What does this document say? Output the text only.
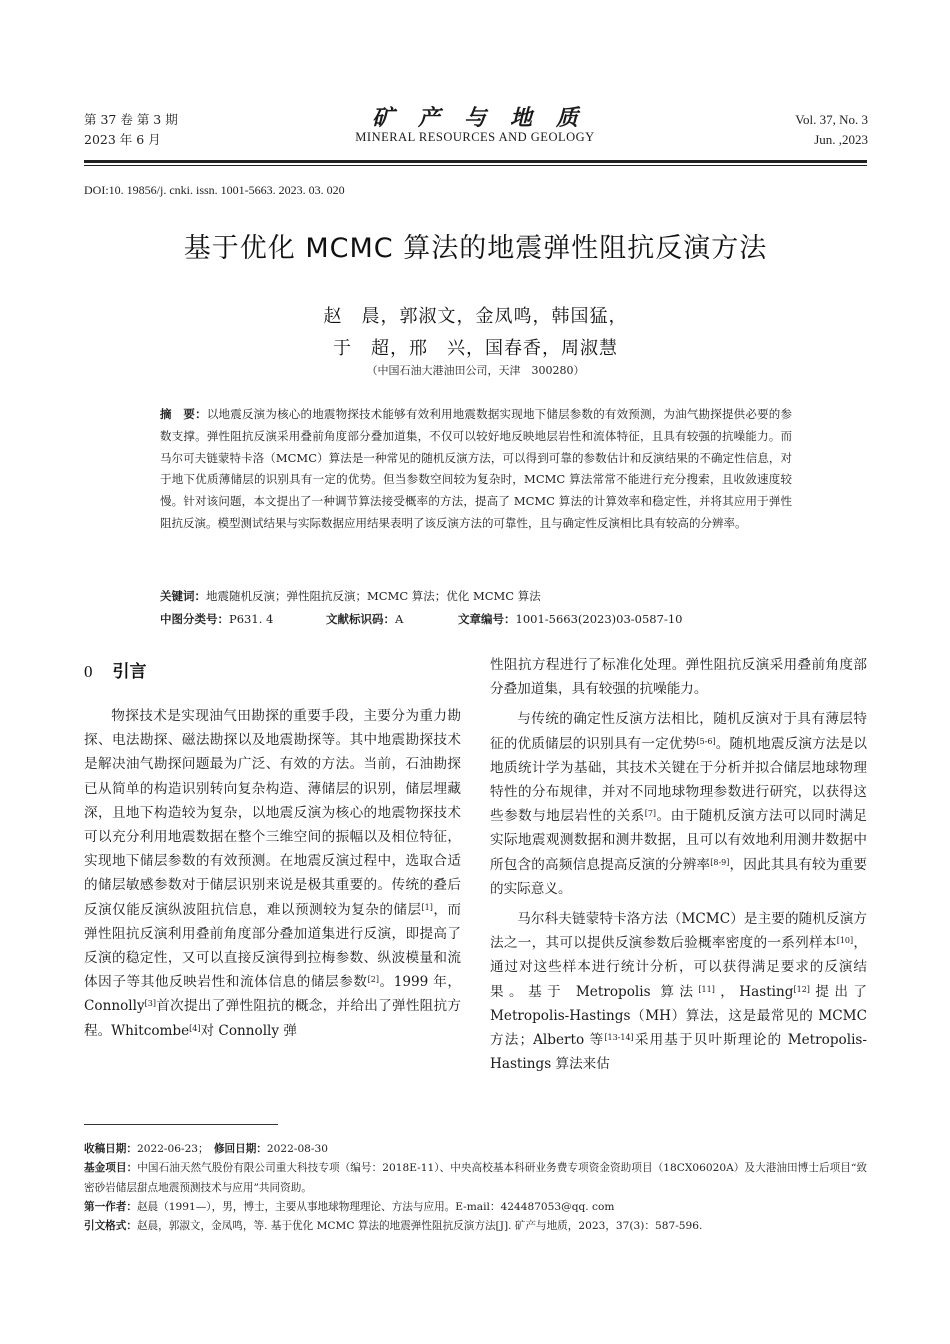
第 37 卷 第 3 期
2023 年 6 月
矿产与地质
MINERAL RESOURCES AND GEOLOGY
Vol. 37, No. 3
Jun. ,2023
DOI:10. 19856/j. cnki. issn. 1001-5663. 2023. 03. 020
基于优化 MCMC 算法的地震弹性阻抗反演方法
赵　晨，郭淑文，金凤鸣，韩国猛，
于　超，邢　兴，国春香，周淑慧
（中国石油大港油田公司，天津　300280）
摘　要：以地震反演为核心的地震物探技术能够有效利用地震数据实现地下储层参数的有效预测，为油气勘探提供必要的参数支撑。弹性阻抗反演采用叠前角度部分叠加道集，不仅可以较好地反映地层岩性和流体特征，且具有较强的抗噪能力。而马尔可夫链蒙特卡洛（MCMC）算法是一种常见的随机反演方法，可以得到可靠的参数估计和反演结果的不确定性信息，对于地下优质薄储层的识别具有一定的优势。但当参数空间较为复杂时，MCMC 算法常常不能进行充分搜索，且收敛速度较慢。针对该问题，本文提出了一种调节算法接受概率的方法，提高了 MCMC 算法的计算效率和稳定性，并将其应用于弹性阻抗反演。模型测试结果与实际数据应用结果表明了该反演方法的可靠性，且与确定性反演相比具有较高的分辨率。
关键词：地震随机反演；弹性阻抗反演；MCMC 算法；优化 MCMC 算法
中图分类号：P631. 4	文献标识码：A	文章编号：1001-5663(2023)03-0587-10
0 引言

物探技术是实现油气田勘探的重要手段，主要分为重力勘探、电法勘探、磁法勘探以及地震勘探等。其中地震勘探技术是解决油气勘探问题最为广泛、有效的方法。当前，石油勘探已从简单的构造识别转向复杂构造、薄储层的识别，储层埋藏深，且地下构造较为复杂，以地震反演为核心的地震物探技术可以充分利用地震数据在整个三维空间的振幅以及相位特征，实现地下储层参数的有效预测。在地震反演过程中，选取合适的储层敏感参数对于储层识别来说是极其重要的。传统的叠后反演仅能反演纵波阻抗信息，难以预测较为复杂的储层[1]，而弹性阻抗反演利用叠前角度部分叠加道集进行反演，即提高了反演的稳定性，又可以直接反演得到拉梅参数、纵波模量和流体因子等其他反映岩性和流体信息的储层参数[2]。1999 年，Connolly[3]首次提出了弹性阻抗的概念，并给出了弹性阻抗方程。Whitcombe[4]对 Connolly 弹

性阻抗方程进行了标准化处理。弹性阻抗反演采用叠前角度部分叠加道集，具有较强的抗噪能力。

与传统的确定性反演方法相比，随机反演对于具有薄层特征的优质储层的识别具有一定优势[5-6]。随机地震反演方法是以地质统计学为基础，其技术关键在于分析并拟合储层地球物理特性的分布规律，并对不同地球物理参数进行研究，以获得这些参数与地层岩性的关系[7]。由于随机反演方法可以同时满足实际地震观测数据和测井数据，且可以有效地利用测井数据中所包含的高频信息提高反演的分辨率[8-9]，因此其具有较为重要的实际意义。

马尔科夫链蒙特卡洛方法（MCMC）是主要的随机反演方法之一，其可以提供反演参数后验概率密度的一系列样本[10]，通过对这些样本进行统计分析，可以获得满足要求的反演结果。基于 Metropolis 算法[11]，Hasting[12]提出了 Metropolis-Hastings（MH）算法，这是最常见的 MCMC 方法；Alberto 等[13-14]采用基于贝叶斯理论的 Metropolis-Hastings 算法来估

收稿日期：2022-06-23；　 修回日期：2022-08-30
基金项目：中国石油天然气股份有限公司重大科技专项（编号：2018E-11）、中央高校基本科研业务费专项资金资助项目（18CX06020A）及大港油田博士后项目“致密砂岩储层甜点地震预测技术与应用”共同资助。
第一作者：赵晨（1991—），男，博士，主要从事地球物理理论、方法与应用。E-mail：424487053@qq. com
引文格式：赵晨，郭淑文，金凤鸣，等. 基于优化 MCMC 算法的地震弹性阻抗反演方法[J]. 矿产与地质，2023，37(3)：587-596.
